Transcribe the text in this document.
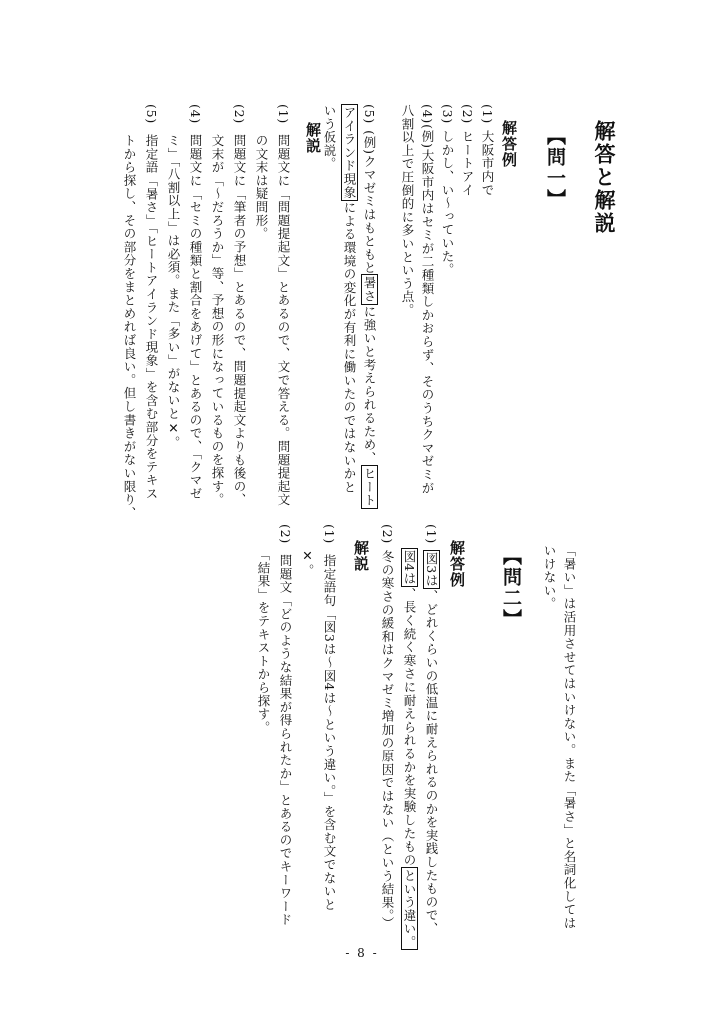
解答と解説
【問一】
解答例
(1)大阪市内で
(2)ヒートアイ
(3)しかし、い～っていた。
(4)(例)大阪市内はセミが二種類しかおらず、そのうちクマゼミが
八割以上で圧倒的に多いという点。
(5)(例)クマゼミはもともと暑さに強いと考えられるため、ヒート
アイランド現象による環境の変化が有利に働いたのではないかと
いう仮説。
解説
(1)問題文に「問題提起文」とあるので、文で答える。問題提起文
の文末は疑問形。
(2)問題文に「筆者の予想」とあるので、問題提起文よりも後の、
文末が「～だろうか」等、予想の形になっているものを探す。
(4)問題文に「セミの種類と割合をあげて」とあるので、「クマゼ
ミ」「八割以上」は必須。また「多い」がないと✕。
(5)指定語「暑さ」「ヒートアイランド現象」を含む部分をテキス
トから探し、その部分をまとめれば良い。但し書きがない限り、
「暑い」は活用させてはいけない。また「暑さ」と名詞化しては
いけない。
【問二】
解答例
(1)図3は、どれくらいの低温に耐えられるのかを実践したもので、
図4は、長く続く寒さに耐えられるかを実験したものという違い。
(2)冬の寒さの緩和はクマゼミ増加の原因ではない（という結果。）
解説
(1)指定語句「図3は～図4は～という違い。」を含む文でないと
✕。
(2)問題文「どのような結果が得られたか」とあるのでキーワード
「結果」をテキストから探す。
- 8 -
